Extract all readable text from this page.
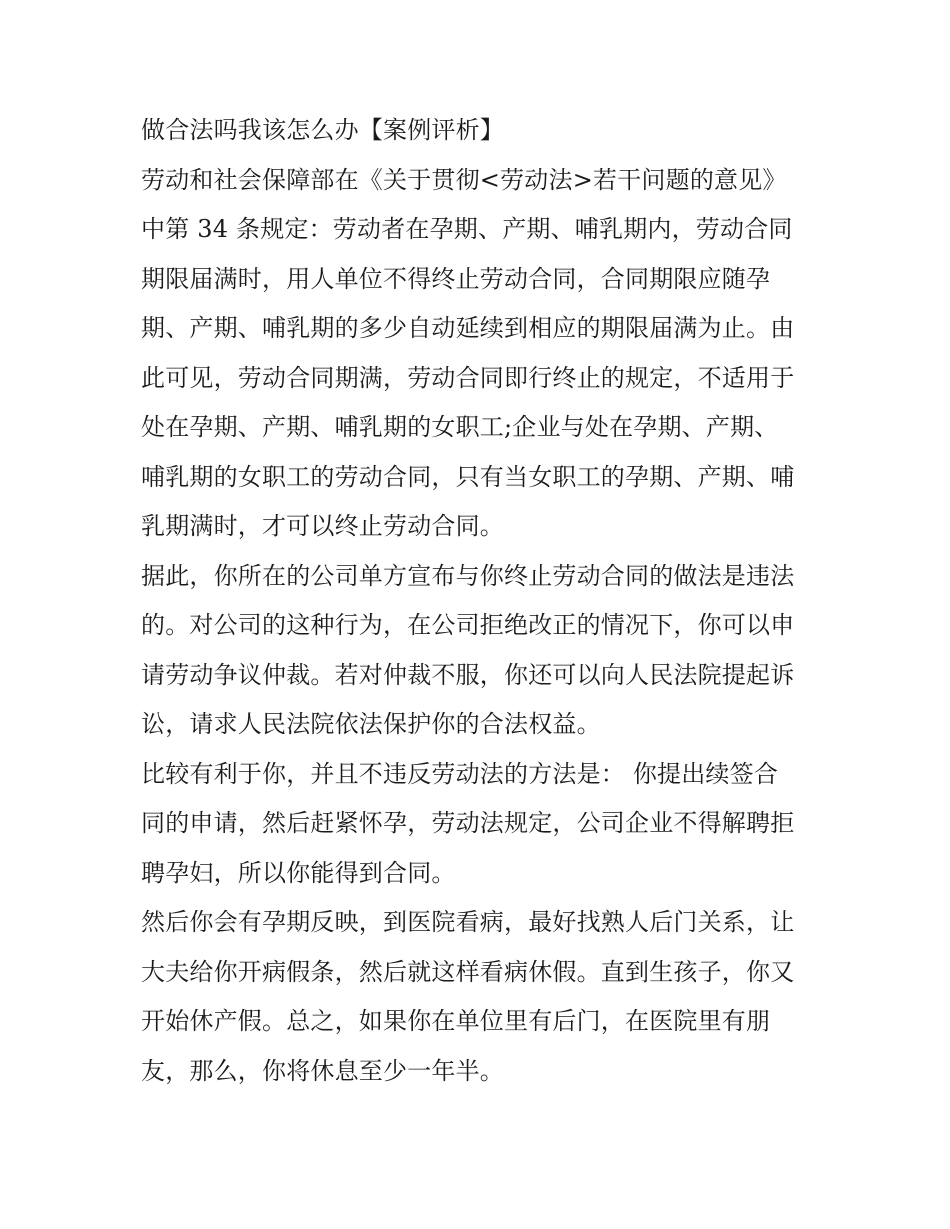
做合法吗我该怎么办【案例评析】

劳动和社会保障部在《关于贯彻<劳动法>若干问题的意见》
中第 34 条规定：劳动者在孕期、产期、哺乳期内，劳动合同
期限届满时，用人单位不得终止劳动合同，合同期限应随孕
期、产期、哺乳期的多少自动延续到相应的期限届满为止。由
此可见，劳动合同期满，劳动合同即行终止的规定，不适用于
处在孕期、产期、哺乳期的女职工;企业与处在孕期、产期、
哺乳期的女职工的劳动合同，只有当女职工的孕期、产期、哺
乳期满时，才可以终止劳动合同。

据此，你所在的公司单方宣布与你终止劳动合同的做法是违法
的。对公司的这种行为，在公司拒绝改正的情况下，你可以申
请劳动争议仲裁。若对仲裁不服，你还可以向人民法院提起诉
讼，请求人民法院依法保护你的合法权益。

比较有利于你，并且不违反劳动法的方法是： 你提出续签合
同的申请，然后赶紧怀孕，劳动法规定，公司企业不得解聘拒
聘孕妇，所以你能得到合同。

然后你会有孕期反映，到医院看病，最好找熟人后门关系，让
大夫给你开病假条，然后就这样看病休假。直到生孩子，你又
开始休产假。总之，如果你在单位里有后门，在医院里有朋
友，那么，你将休息至少一年半。
